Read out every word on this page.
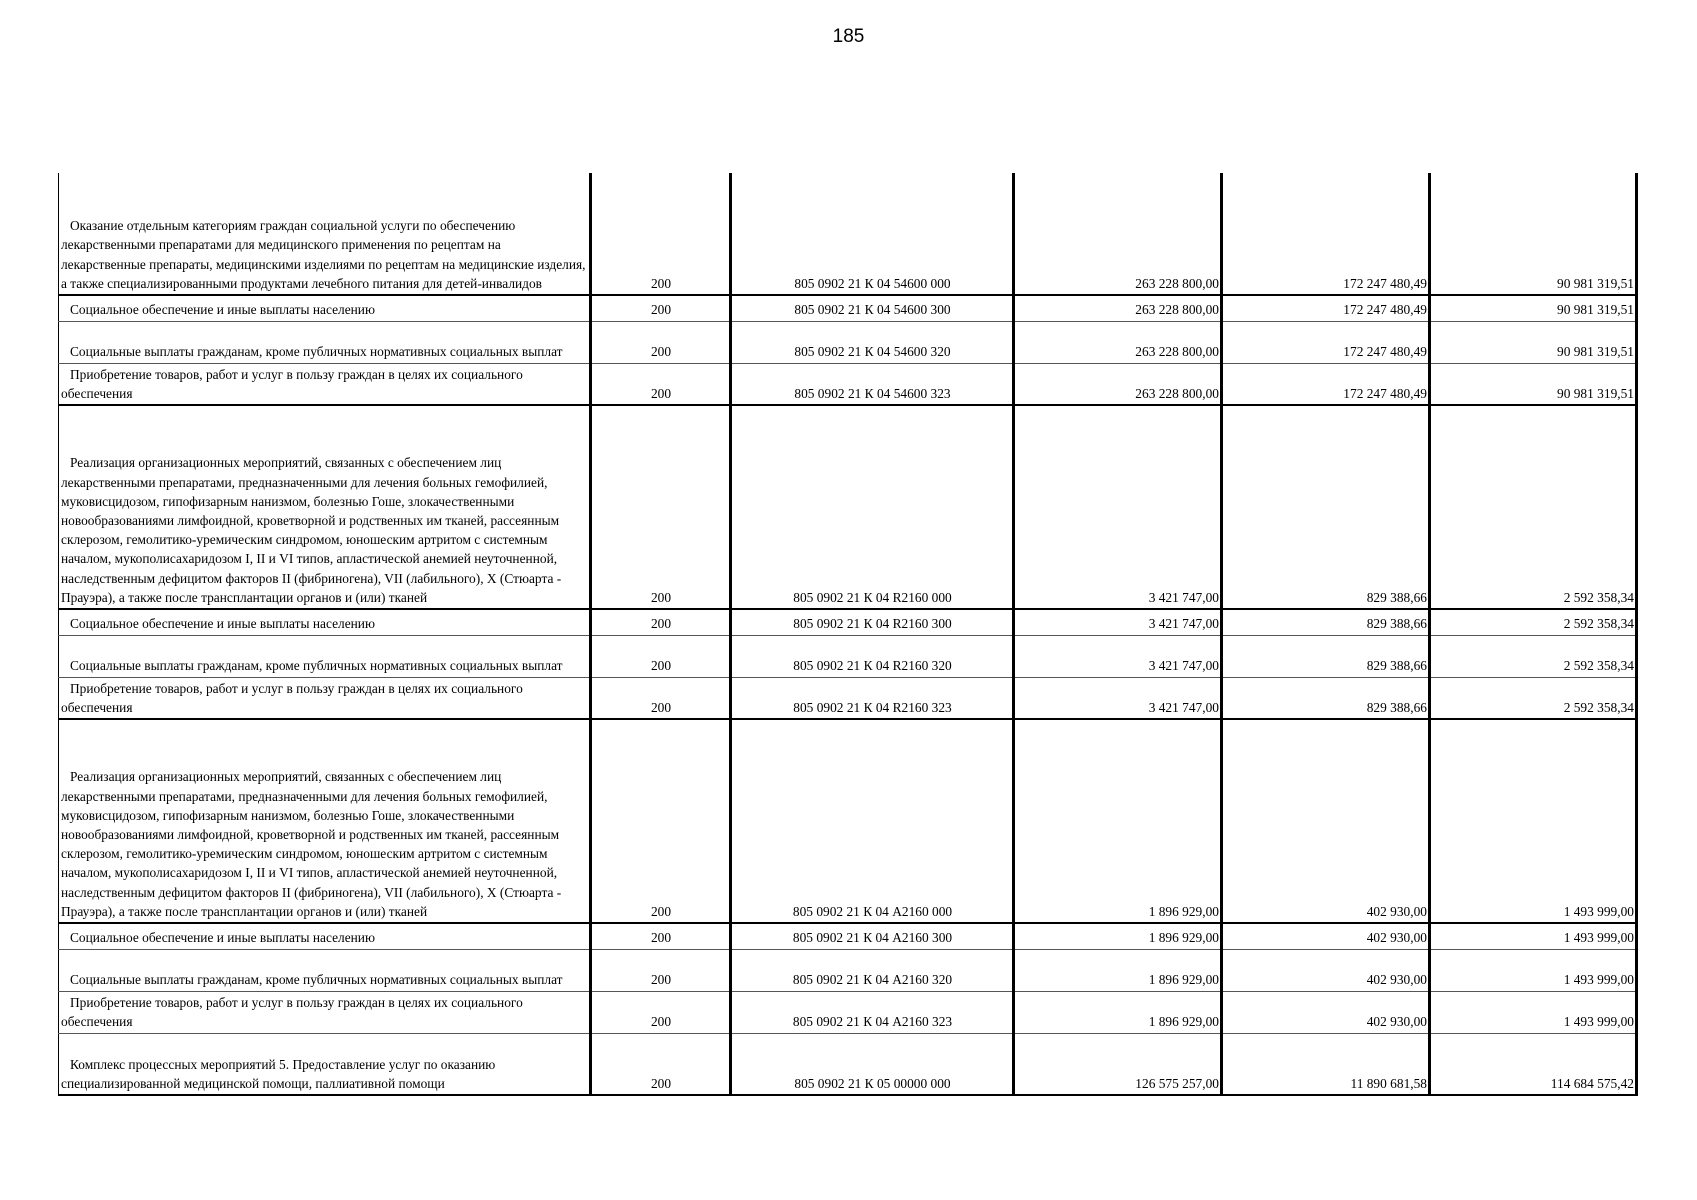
185
Оказание отдельным категориям граждан социальной услуги по обеспечению лекарственными препаратами для медицинского применения по рецептам на лекарственные препараты, медицинскими изделиями по рецептам на медицинские изделия, а также специализированными продуктами лечебного питания для детей-инвалидов	200	805 0902 21 К 04 54600 000	263 228 800,00	172 247 480,49	90 981 319,51

Социальное обеспечение и иные выплаты населению	200	805 0902 21 К 04 54600 300	263 228 800,00	172 247 480,49	90 981 319,51

Социальные выплаты гражданам, кроме публичных нормативных социальных выплат	200	805 0902 21 К 04 54600 320	263 228 800,00	172 247 480,49	90 981 319,51

Приобретение товаров, работ и услуг в пользу граждан в целях их социального обеспечения	200	805 0902 21 К 04 54600 323	263 228 800,00	172 247 480,49	90 981 319,51

Реализация организационных мероприятий, связанных с обеспечением лиц лекарственными препаратами, предназначенными для лечения больных гемофилией, муковисцидозом, гипофизарным нанизмом, болезнью Гоше, злокачественными новообразованиями лимфоидной, кроветворной и родственных им тканей, рассеянным склерозом, гемолитико-уремическим синдромом, юношеским артритом с системным началом, мукополисахаридозом I, II и VI типов, апластической анемией неуточненной, наследственным дефицитом факторов II (фибриногена), VII (лабильного), X (Стюарта - Прауэра), а также после трансплантации органов и (или) тканей	200	805 0902 21 К 04 R2160 000	3 421 747,00	829 388,66	2 592 358,34

Социальное обеспечение и иные выплаты населению	200	805 0902 21 К 04 R2160 300	3 421 747,00	829 388,66	2 592 358,34

Социальные выплаты гражданам, кроме публичных нормативных социальных выплат	200	805 0902 21 К 04 R2160 320	3 421 747,00	829 388,66	2 592 358,34

Приобретение товаров, работ и услуг в пользу граждан в целях их социального обеспечения	200	805 0902 21 К 04 R2160 323	3 421 747,00	829 388,66	2 592 358,34

Реализация организационных мероприятий, связанных с обеспечением лиц лекарственными препаратами, предназначенными для лечения больных гемофилией, муковисцидозом, гипофизарным нанизмом, болезнью Гоше, злокачественными новообразованиями лимфоидной, кроветворной и родственных им тканей, рассеянным склерозом, гемолитико-уремическим синдромом, юношеским артритом с системным началом, мукополисахаридозом I, II и VI типов, апластической анемией неуточненной, наследственным дефицитом факторов II (фибриногена), VII (лабильного), X (Стюарта - Прауэра), а также после трансплантации органов и (или) тканей	200	805 0902 21 К 04 А2160 000	1 896 929,00	402 930,00	1 493 999,00

Социальное обеспечение и иные выплаты населению	200	805 0902 21 К 04 А2160 300	1 896 929,00	402 930,00	1 493 999,00

Социальные выплаты гражданам, кроме публичных нормативных социальных выплат	200	805 0902 21 К 04 А2160 320	1 896 929,00	402 930,00	1 493 999,00

Приобретение товаров, работ и услуг в пользу граждан в целях их социального обеспечения	200	805 0902 21 К 04 А2160 323	1 896 929,00	402 930,00	1 493 999,00

Комплекс процессных мероприятий 5. Предоставление услуг по оказанию специализированной медицинской помощи, паллиативной помощи	200	805 0902 21 К 05 00000 000	126 575 257,00	11 890 681,58	114 684 575,42
